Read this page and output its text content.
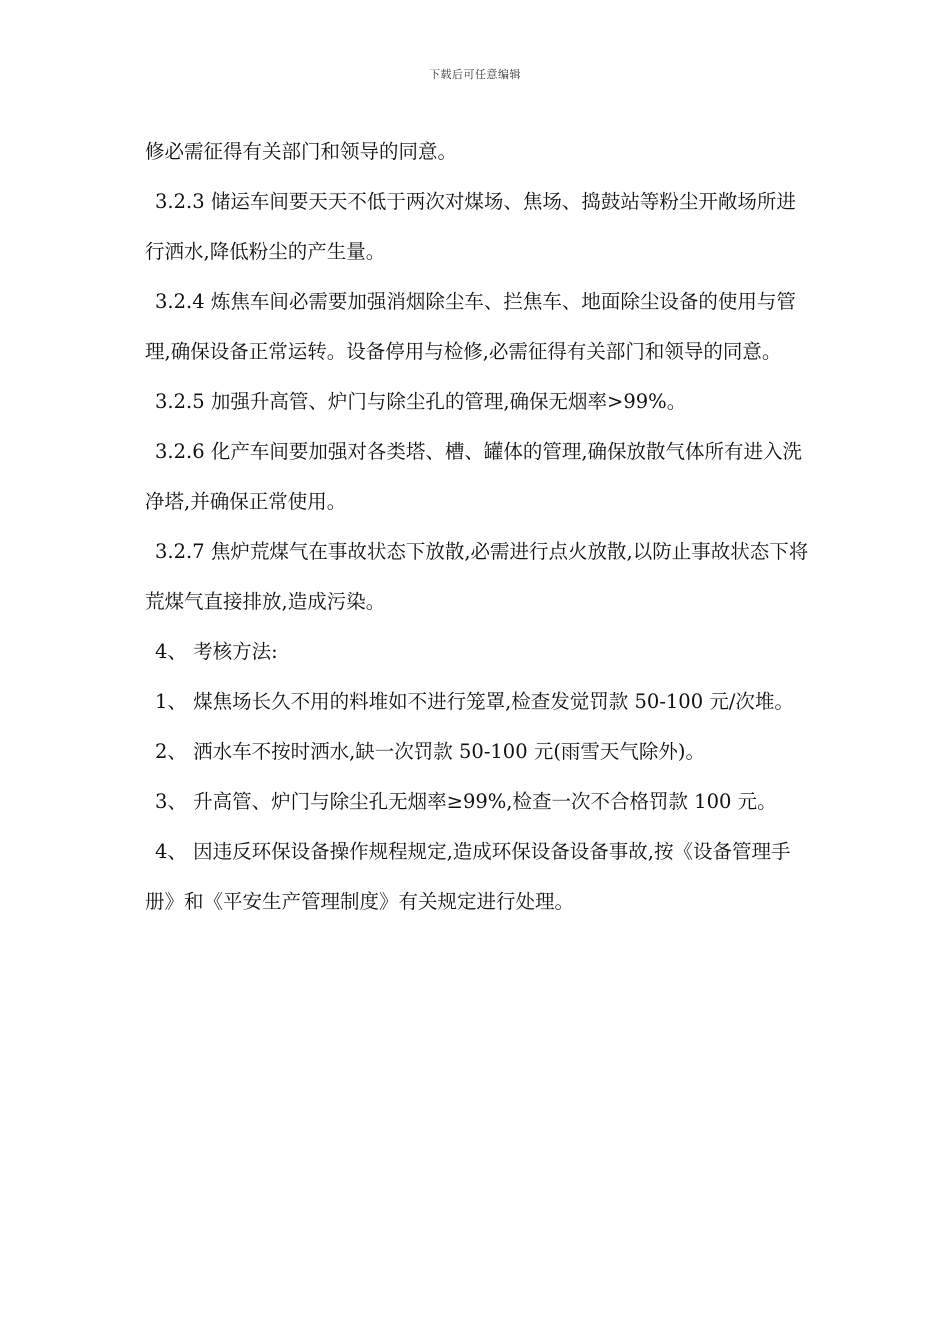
下载后可任意编辑

修必需征得有关部门和领导的同意。

3.2.3 储运车间要天天不低于两次对煤场、焦场、捣鼓站等粉尘开敞场所进行洒水,降低粉尘的产生量。

3.2.4 炼焦车间必需要加强消烟除尘车、拦焦车、地面除尘设备的使用与管理,确保设备正常运转。设备停用与检修,必需征得有关部门和领导的同意。

3.2.5 加强升高管、炉门与除尘孔的管理,确保无烟率>99%。

3.2.6 化产车间要加强对各类塔、槽、罐体的管理,确保放散气体所有进入洗净塔,并确保正常使用。

3.2.7 焦炉荒煤气在事故状态下放散,必需进行点火放散,以防止事故状态下将荒煤气直接排放,造成污染。

4、 考核方法:

1、 煤焦场长久不用的料堆如不进行笼罩,检查发觉罚款 50-100 元/次堆。

2、 洒水车不按时洒水,缺一次罚款 50-100 元(雨雪天气除外)。

3、 升高管、炉门与除尘孔无烟率≥99%,检查一次不合格罚款 100 元。

4、 因违反环保设备操作规程规定,造成环保设备设备事故,按《设备管理手册》和《平安生产管理制度》有关规定进行处理。
